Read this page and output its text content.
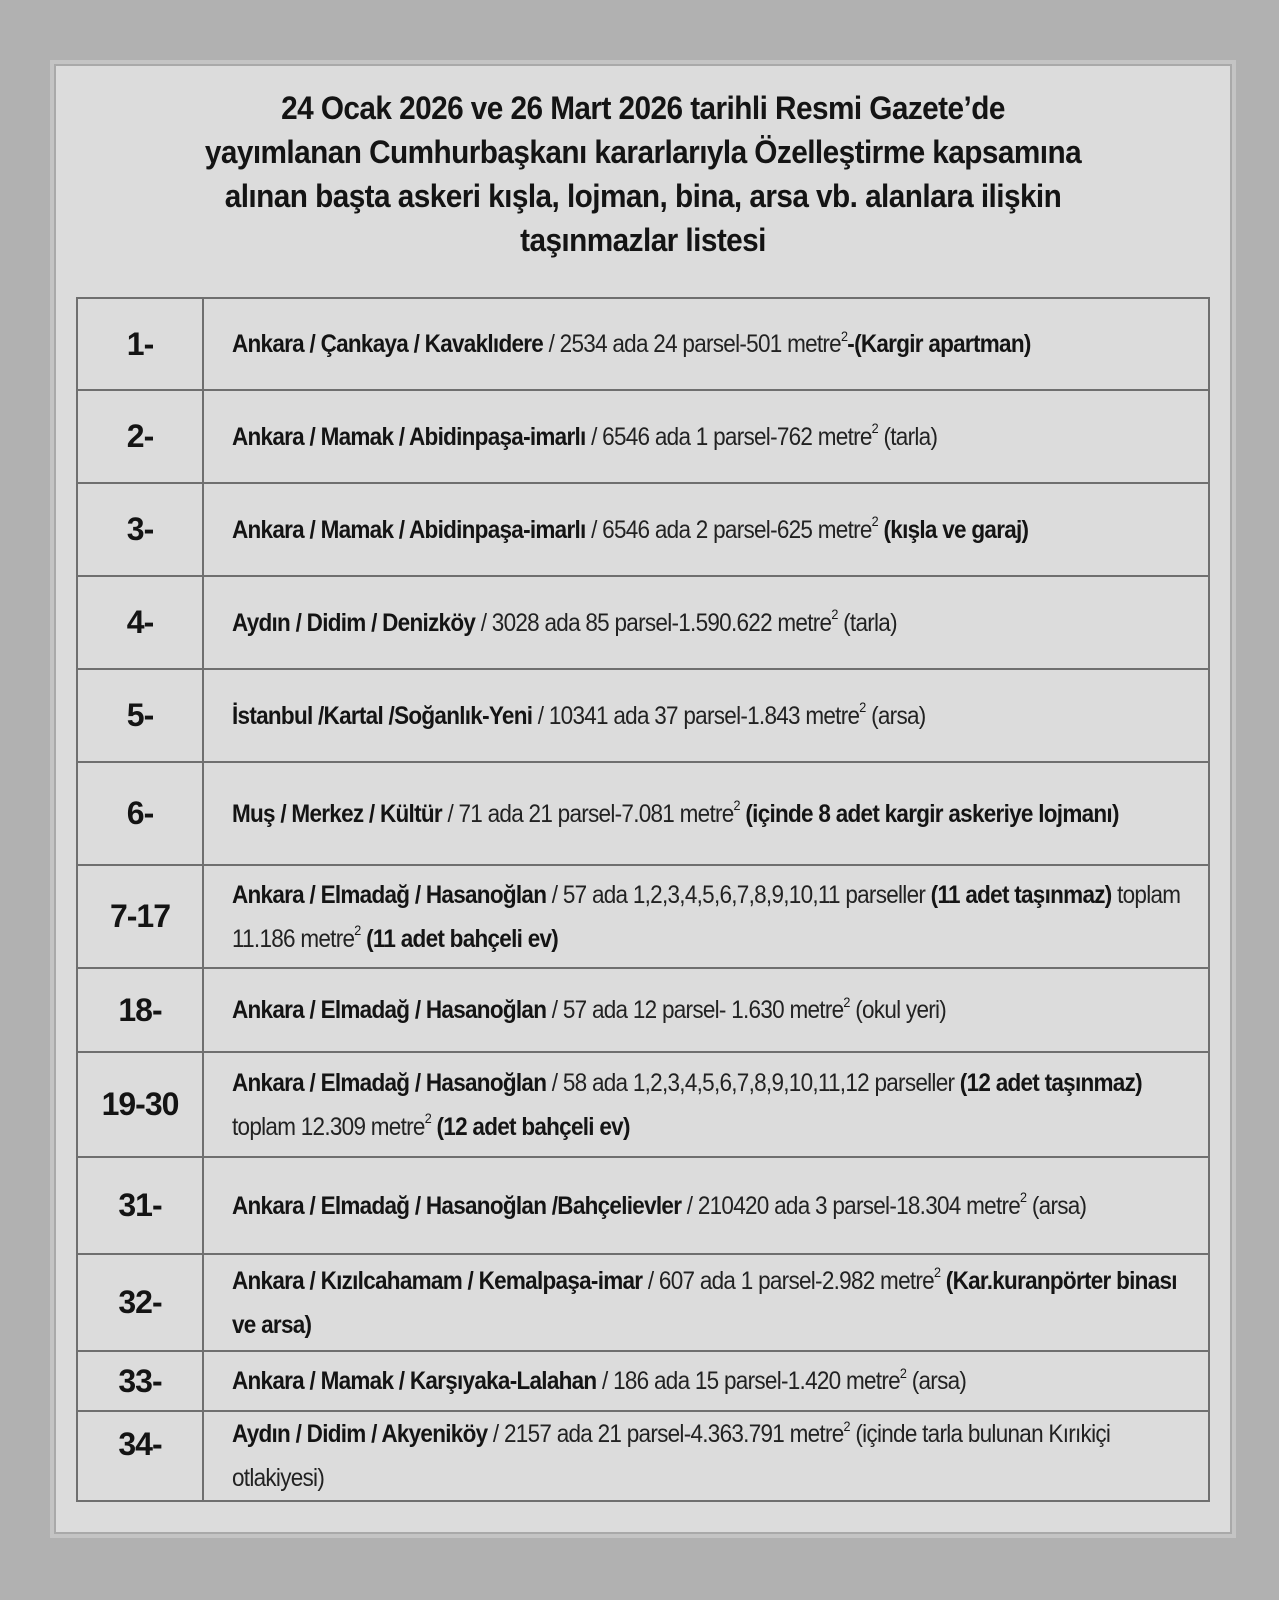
24 Ocak 2026 ve 26 Mart 2026 tarihli Resmi Gazete’de
yayımlanan Cumhurbaşkanı kararlarıyla Özelleştirme kapsamına
alınan başta askeri kışla, lojman, bina, arsa vb. alanlara ilişkin
taşınmazlar listesi
1-	Ankara / Çankaya / Kavaklıdere / 2534 ada 24 parsel-501 metre$^2$-(Kargir apartman)

2-	Ankara / Mamak / Abidinpaşa-imarlı / 6546 ada 1 parsel-762 metre$^2$ (tarla)

3-	Ankara / Mamak / Abidinpaşa-imarlı / 6546 ada 2 parsel-625 metre$^2$ (kışla ve garaj)

4-	Aydın / Didim / Denizköy / 3028 ada 85 parsel-1.590.622 metre$^2$ (tarla)

5-	İstanbul /Kartal /Soğanlık-Yeni / 10341 ada 37 parsel-1.843 metre$^2$ (arsa)

6-	Muş / Merkez / Kültür / 71 ada 21 parsel-7.081 metre$^2$ (içinde 8 adet kargir askeriye lojmanı)

7-17	Ankara / Elmadağ / Hasanoğlan / 57 ada 1,2,3,4,5,6,7,8,9,10,11 parseller (11 adet taşınmaz) toplam 11.186 metre$^2$ (11 adet bahçeli ev)

18-	Ankara / Elmadağ / Hasanoğlan / 57 ada 12 parsel- 1.630 metre$^2$ (okul yeri)

19-30	Ankara / Elmadağ / Hasanoğlan / 58 ada 1,2,3,4,5,6,7,8,9,10,11,12 parseller (12 adet taşınmaz) toplam 12.309 metre$^2$ (12 adet bahçeli ev)

31-	Ankara / Elmadağ / Hasanoğlan /Bahçelievler / 210420 ada 3 parsel-18.304 metre$^2$ (arsa)

32-	Ankara / Kızılcahamam / Kemalpaşa-imar / 607 ada 1 parsel-2.982 metre$^2$ (Kar.kuranpörter binası ve arsa)

33-	Ankara / Mamak / Karşıyaka-Lalahan / 186 ada 15 parsel-1.420 metre$^2$ (arsa)

34-	Aydın / Didim / Akyeniköy / 2157 ada 21 parsel-4.363.791 metre$^2$ (içinde tarla bulunan Kırıkiçi otlakiyesi)
